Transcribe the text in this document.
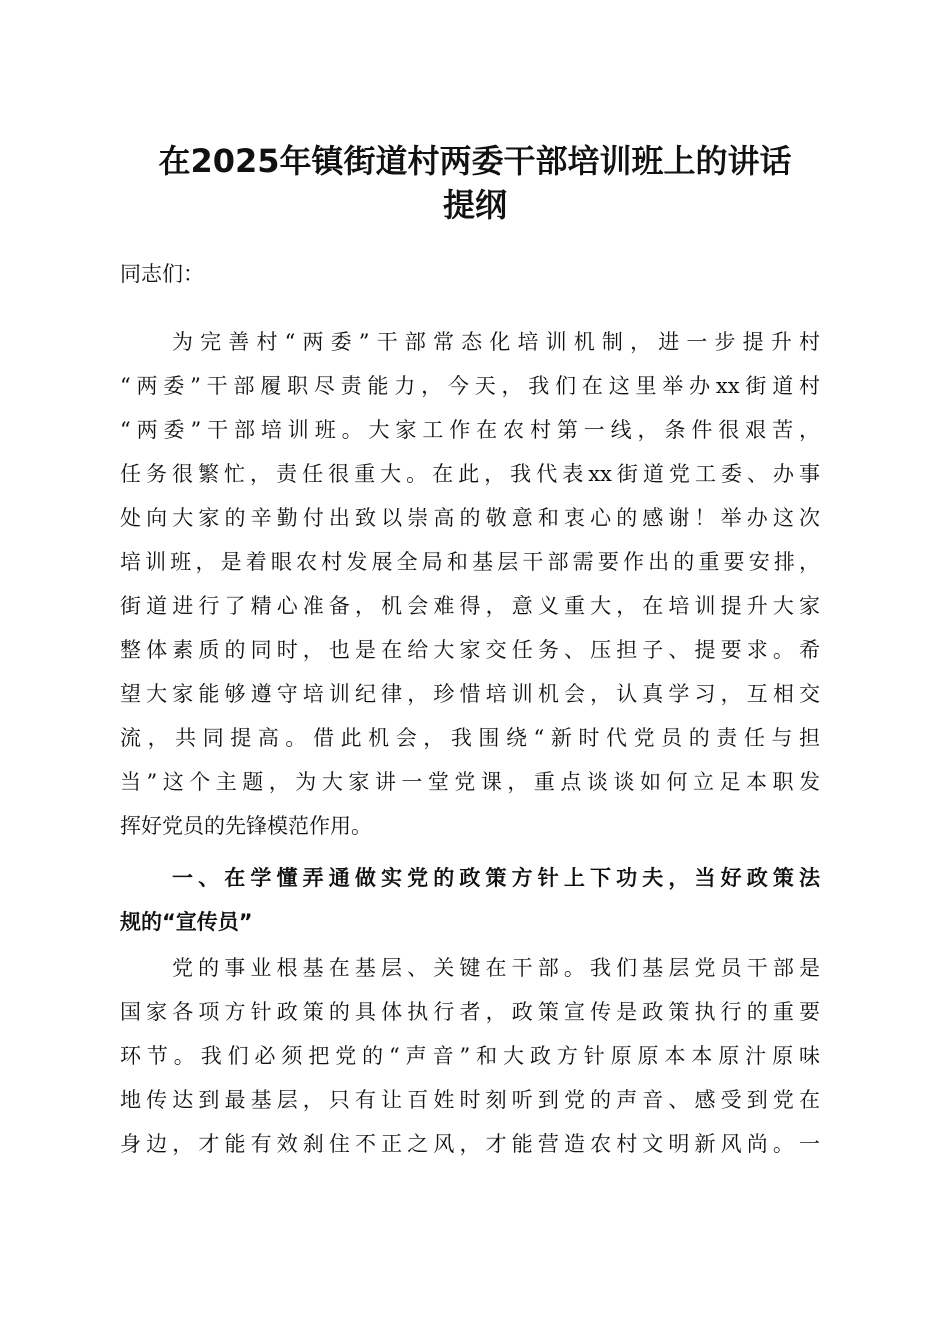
在2025年镇街道村两委干部培训班上的讲话
提纲
同志们：
为完善村“两委”干部常态化培训机制，进一步提升村
“两委”干部履职尽责能力，今天，我们在这里举办xx街道村
“两委”干部培训班。大家工作在农村第一线，条件很艰苦，
任务很繁忙，责任很重大。在此，我代表xx街道党工委、办事
处向大家的辛勤付出致以崇高的敬意和衷心的感谢！举办这次
培训班，是着眼农村发展全局和基层干部需要作出的重要安排，
街道进行了精心准备，机会难得，意义重大，在培训提升大家
整体素质的同时，也是在给大家交任务、压担子、提要求。希
望大家能够遵守培训纪律，珍惜培训机会，认真学习，互相交
流，共同提高。借此机会，我围绕“新时代党员的责任与担
当”这个主题，为大家讲一堂党课，重点谈谈如何立足本职发
挥好党员的先锋模范作用。
一、在学懂弄通做实党的政策方针上下功夫，当好政策法
规的“宣传员”
党的事业根基在基层、关键在干部。我们基层党员干部是
国家各项方针政策的具体执行者，政策宣传是政策执行的重要
环节。我们必须把党的“声音”和大政方针原原本本原汁原味
地传达到最基层，只有让百姓时刻听到党的声音、感受到党在
身边，才能有效刹住不正之风，才能营造农村文明新风尚。一
